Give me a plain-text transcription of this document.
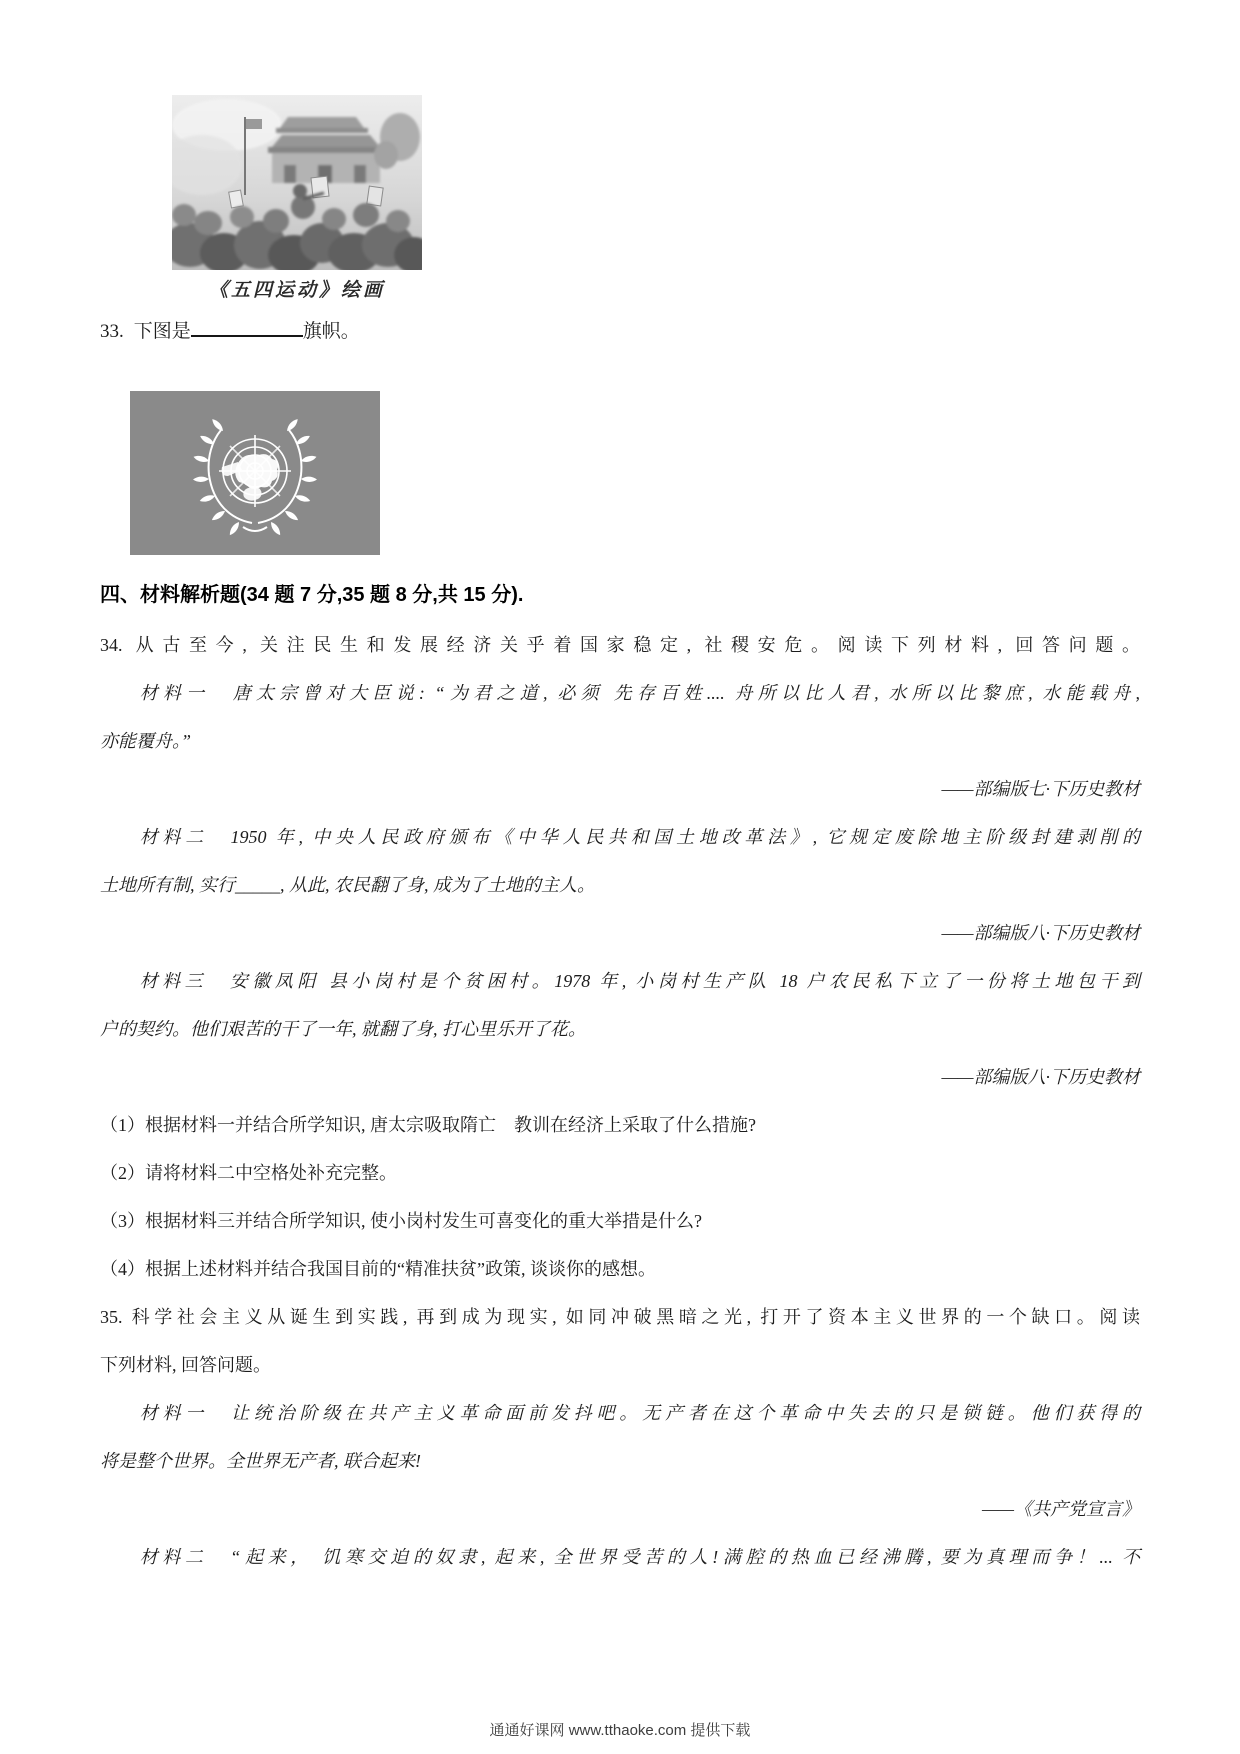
《五四运动》绘画
33. 下图是	旗帜。
四、材料解析题(34 题 7 分,35 题 8 分,共 15 分).
34. 从古至今, 关注民生和发展经济关乎着国家稳定, 社稷安危。阅读下列材料, 回答问题。
材料一　唐太宗曾对大臣说: “为君之道, 必须 先存百姓.... 舟所以比人君, 水所以比黎庶, 水能载舟,
亦能覆舟。”
——部编版七·下历史教材
材料二　1950 年, 中央人民政府颁布《中华人民共和国土地改革法》, 它规定废除地主阶级封建剥削的
土地所有制, 实行_____, 从此, 农民翻了身, 成为了土地的主人。
——部编版八·下历史教材
材料三　安徽凤阳 县小岗村是个贫困村。1978 年, 小岗村生产队 18 户农民私下立了一份将土地包干到
户的契约。他们艰苦的干了一年, 就翻了身, 打心里乐开了花。
——部编版八·下历史教材
（1）根据材料一并结合所学知识, 唐太宗吸取隋亡　教训在经济上采取了什么措施?
（2）请将材料二中空格处补充完整。
（3）根据材料三并结合所学知识, 使小岗村发生可喜变化的重大举措是什么?
（4）根据上述材料并结合我国目前的“精准扶贫”政策, 谈谈你的感想。
35. 科学社会主义从诞生到实践, 再到成为现实, 如同冲破黑暗之光, 打开了资本主义世界的一个缺口。阅读
下列材料, 回答问题。
材料一　让统治阶级在共产主义革命面前发抖吧。无产者在这个革命中失去的只是锁链。他们获得的
将是整个世界。全世界无产者, 联合起来!
——《共产党宣言》
材料二　“起来， 饥寒交迫的奴隶, 起来, 全世界受苦的人!满腔的热血已经沸腾, 要为真理而争！... 不
通通好课网 www.tthaoke.com 提供下载
